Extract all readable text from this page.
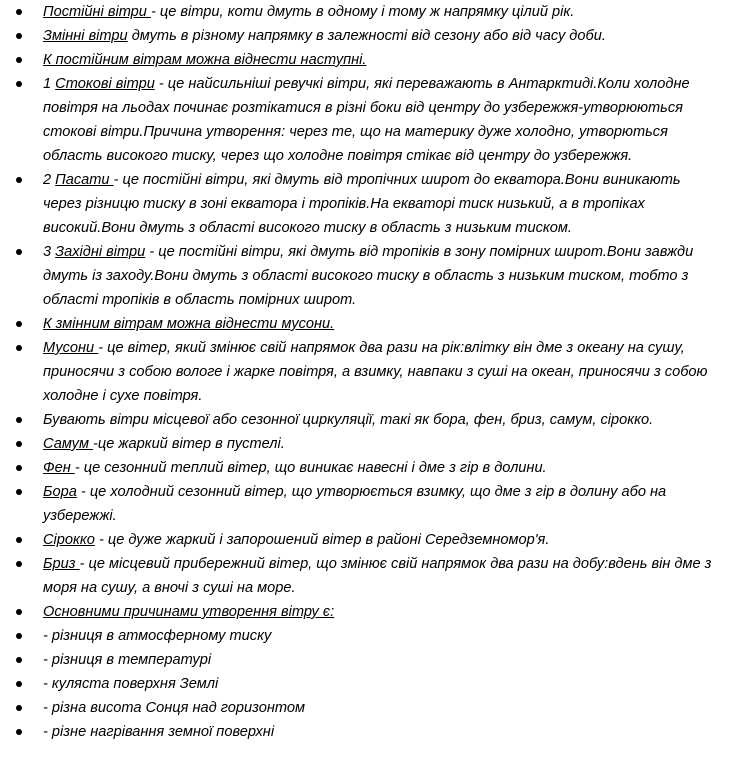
Постійні вітри - це вітри, коти дмуть в одному і тому ж напрямку цілий рік.
Змінні вітри дмуть в різному напрямку в залежності від сезону або від часу доби.
К постійним вітрам можна віднести наступні.
1 Стокові вітри - це найсильніші ревучкі вітри, які переважають в Антарктиді.Коли холодне повітря на льодах починає розтікатися в різні боки від центру до узбережжя-утворюються стокові вітри.Причина утворення: через те, що на материку дуже холодно, утворються область високого тиску, через що холодне повітря стікає від центру до узбережжя.
2 Пасати - це постійні вітри, які дмуть від тропічних широт до екватора.Вони виникають через різницю тиску в зоні екватора і тропіків.На екваторі тиск низький, а в тропіках високий.Вони дмуть з області високого тиску в область з низьким тиском.
3 Західні вітри - це постійні вітри, які дмуть від тропіків в зону помірних широт.Вони завжди дмуть із заходу.Вони дмуть з області високого тиску в область з низьким тиском, тобто з області тропіків в область помірних широт.
К змінним вітрам можна віднести мусони.
Мусони - це вітер, який змінює свій напрямок два рази на рік:влітку він дме з океану на сушу, приносячи з собою вологе і жарке повітря, а взимку, навпаки з суші на океан, приносячи з собою холодне і сухе повітря.
Бувають вітри місцевої або сезонної циркуляції, такі як бора, фен, бриз, самум, сірокко.
Самум -це жаркий вітер в пустелі.
Фен - це сезонний теплий вітер, що виникає навесні і дме з гір в долини.
Бора - це холодний сезонний вітер, що утворюється взимку, що дме з гір в долину або на узбережжі.
Сірокко - це дуже жаркий і запорошений вітер в районі Середземномор'я.
Бриз - це місцевий прибережний вітер, що змінює свій напрямок два рази на добу:вдень він дме з моря на сушу, а вночі з суші на море.
Основними причинами утворення вітру є:
- різниця в атмосферному тиску
- різниця в температурі
- куляста поверхня Землі
- різна висота Сонця над горизонтом
- різне нагрівання земної поверхні
